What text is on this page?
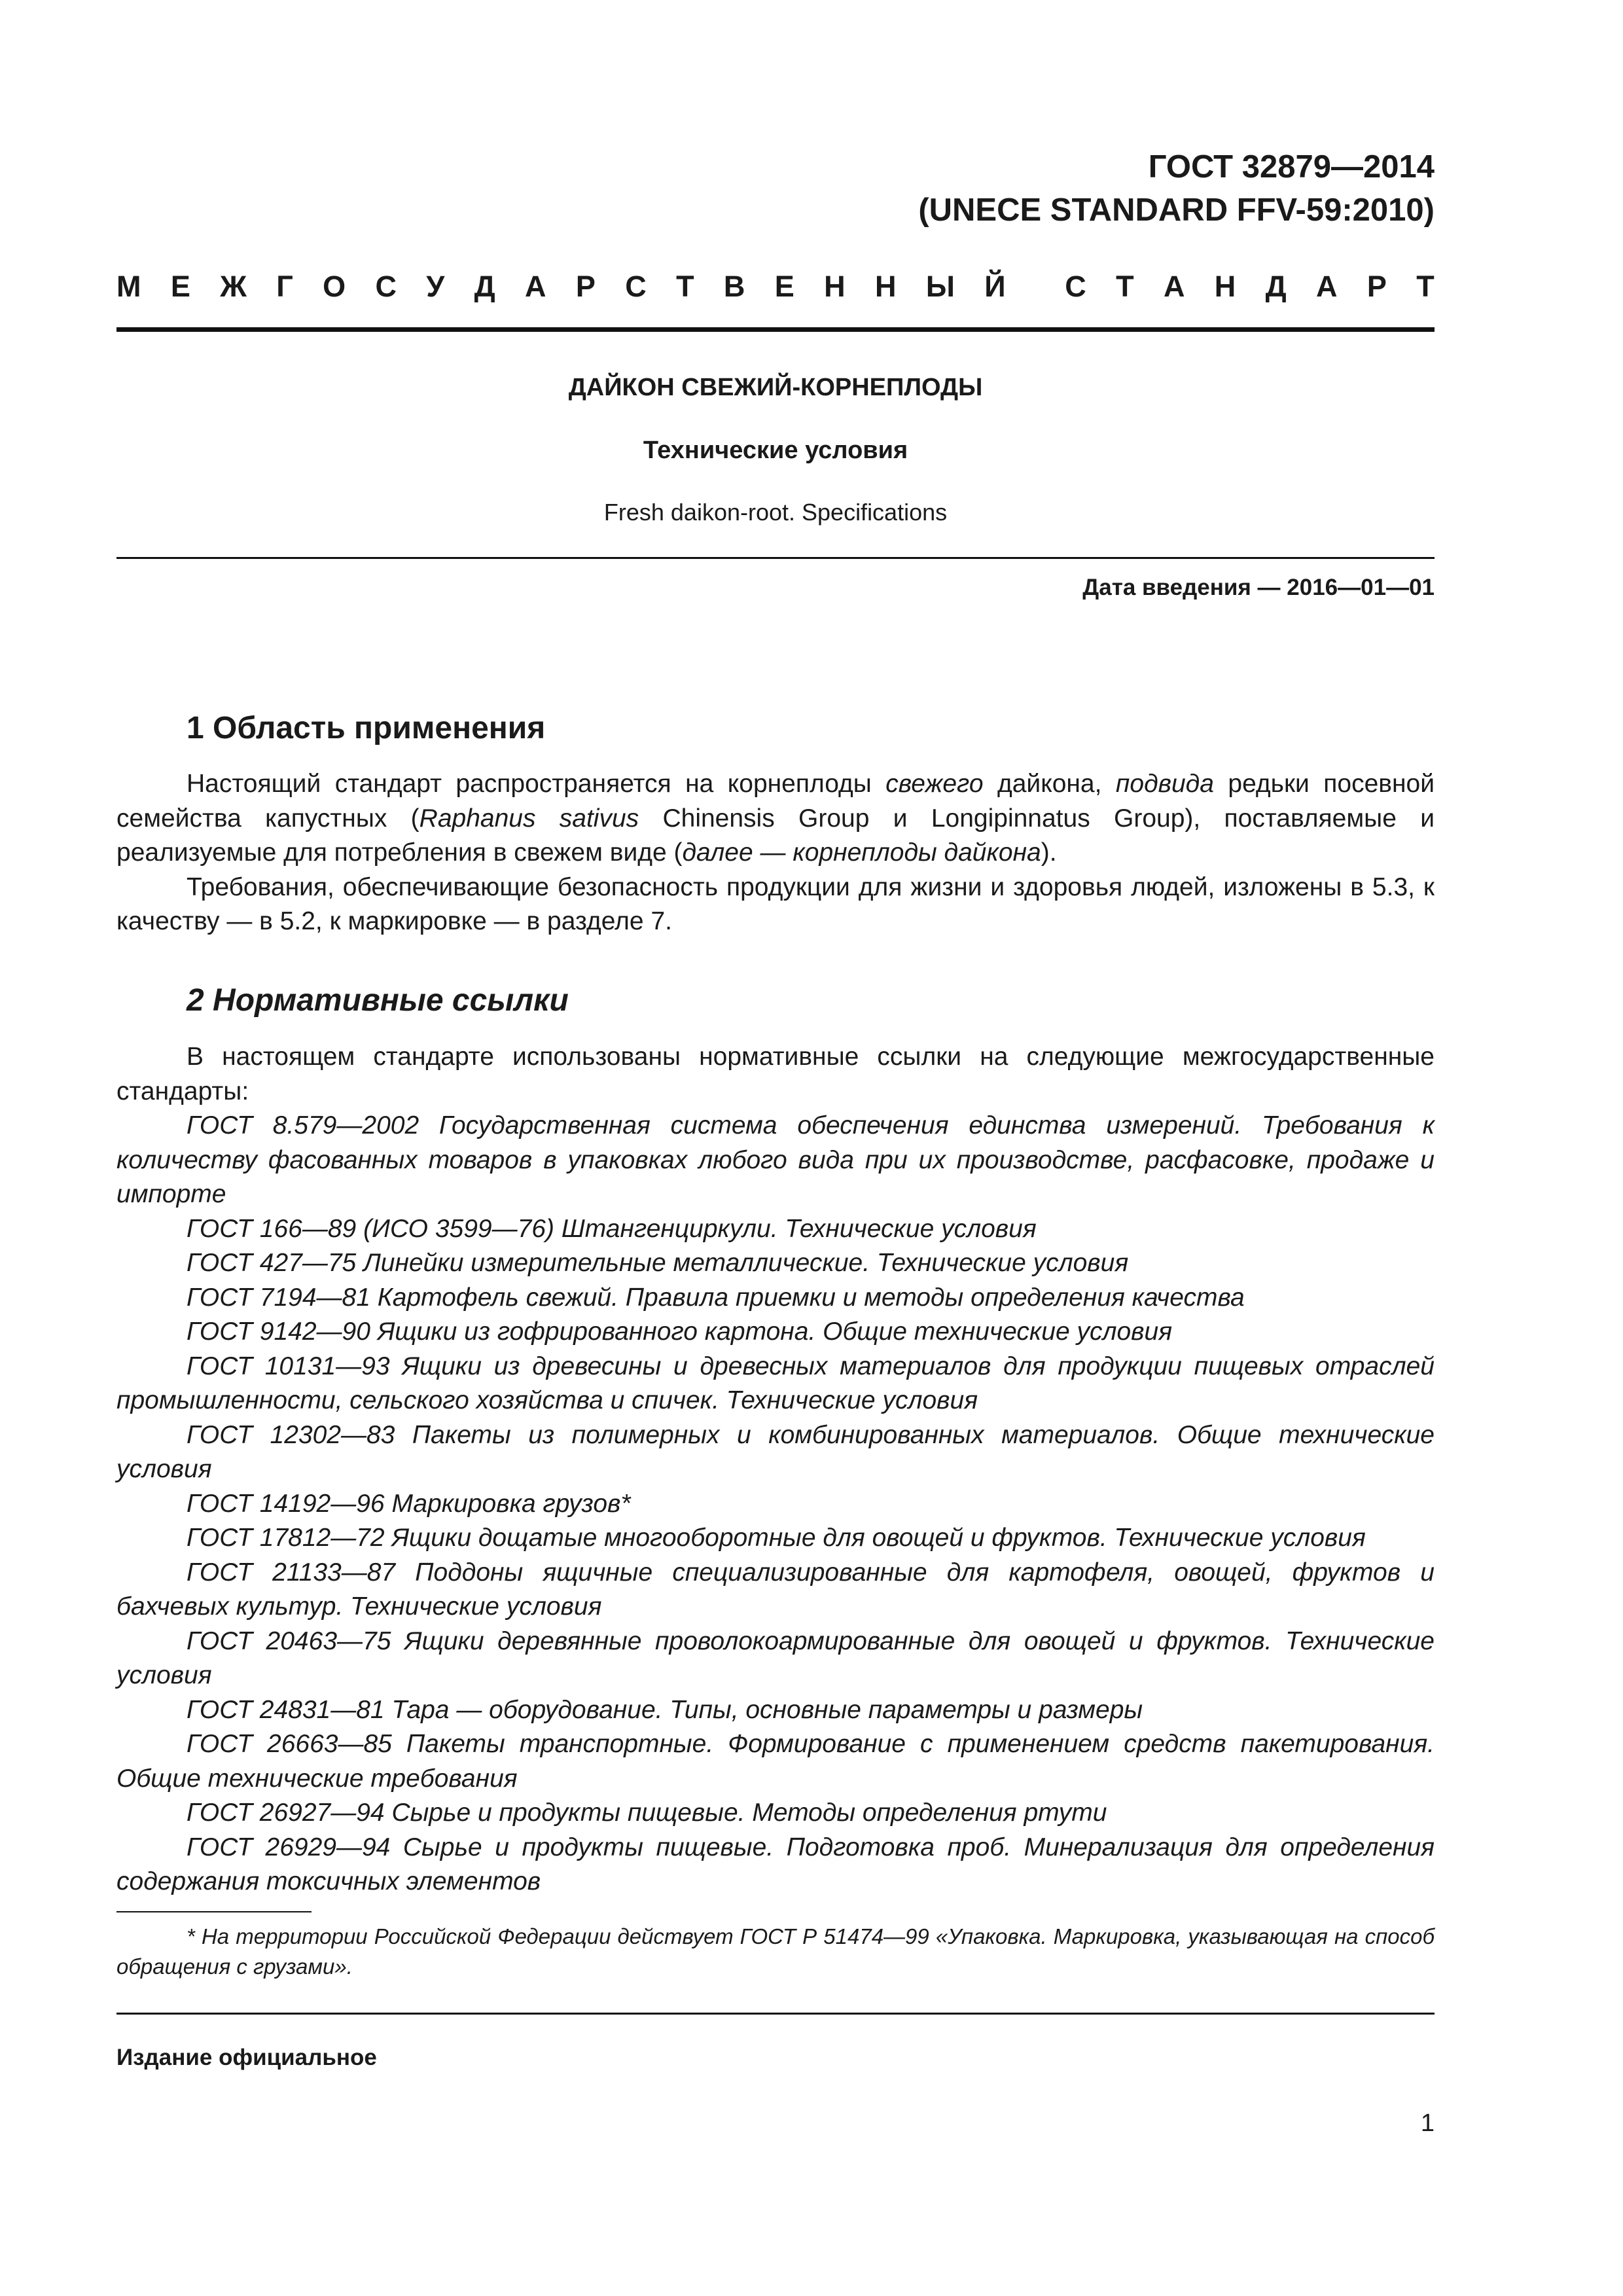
ГОСТ 32879—2014
(UNECE STANDARD FFV-59:2010)
М Е Ж Г О С У Д А Р С Т В Е Н Н Ы Й С Т А Н Д А Р Т
ДАЙКОН СВЕЖИЙ-КОРНЕПЛОДЫ
Технические условия
Fresh daikon-root. Specifications
Дата введения — 2016—01—01
1 Область применения

Настоящий стандарт распространяется на корнеплоды свежего дайкона, подвида редьки посевной семейства капустных (Raphanus sativus Chinensis Group и Longipinnatus Group), поставляемые и реализуемые для потребления в свежем виде (далее — корнеплоды дайкона).

Требования, обеспечивающие безопасность продукции для жизни и здоровья людей, изложены в 5.3, к качеству — в 5.2, к маркировке — в разделе 7.

2 Нормативные ссылки

В настоящем стандарте использованы нормативные ссылки на следующие межгосударственные стандарты:

ГОСТ 8.579—2002 Государственная система обеспечения единства измерений. Требования к количеству фасованных товаров в упаковках любого вида при их производстве, расфасовке, продаже и импорте

ГОСТ 166—89 (ИСО 3599—76) Штангенциркули. Технические условия

ГОСТ 427—75 Линейки измерительные металлические. Технические условия

ГОСТ 7194—81 Картофель свежий. Правила приемки и методы определения качества

ГОСТ 9142—90 Ящики из гофрированного картона. Общие технические условия

ГОСТ 10131—93 Ящики из древесины и древесных материалов для продукции пищевых отраслей промышленности, сельского хозяйства и спичек. Технические условия

ГОСТ 12302—83 Пакеты из полимерных и комбинированных материалов. Общие технические условия

ГОСТ 14192—96 Маркировка грузов*

ГОСТ 17812—72 Ящики дощатые многооборотные для овощей и фруктов. Технические условия

ГОСТ 21133—87 Поддоны ящичные специализированные для картофеля, овощей, фруктов и бахчевых культур. Технические условия

ГОСТ 20463—75 Ящики деревянные проволокоармированные для овощей и фруктов. Технические условия

ГОСТ 24831—81 Тара — оборудование. Типы, основные параметры и размеры

ГОСТ 26663—85 Пакеты транспортные. Формирование с применением средств пакетирования. Общие технические требования

ГОСТ 26927—94 Сырье и продукты пищевые. Методы определения ртути

ГОСТ 26929—94 Сырье и продукты пищевые. Подготовка проб. Минерализация для определения содержания токсичных элементов

* На территории Российской Федерации действует ГОСТ Р 51474—99 «Упаковка. Маркировка, указывающая на способ обращения с грузами».

Издание официальное
1
